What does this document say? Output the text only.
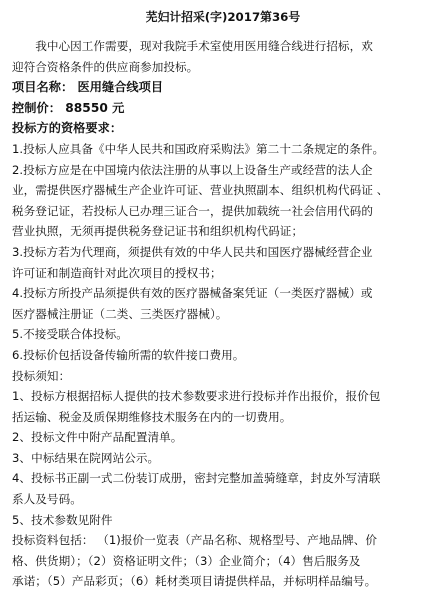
芜妇计招采(字)2017第36号

我中心因工作需要，现对我院手术室使用医用缝合线进行招标，欢

迎符合资格条件的供应商参加投标。

项目名称： 医用缝合线项目

控制价： 88550 元

投标方的资格要求：

1.投标人应具备《中华人民共和国政府采购法》第二十二条规定的条件。

2.投标方应是在中国境内依法注册的从事以上设备生产或经营的法人企

业，需提供医疗器械生产企业许可证、营业执照副本、组织机构代码证 、

税务登记证，若投标人已办理三证合一，提供加载统一社会信用代码的

营业执照，无须再提供税务登记证书和组织机构代码证；

3.投标方若为代理商，须提供有效的中华人民共和国医疗器械经营企业

许可证和制造商针对此次项目的授权书；

4.投标方所投产品须提供有效的医疗器械备案凭证（一类医疗器械）或

医疗器械注册证（二类、三类医疗器械）。

5.不接受联合体投标。

6.投标价包括设备传输所需的软件接口费用。

投标须知：

1、投标方根据招标人提供的技术参数要求进行投标并作出报价，报价包

括运输、税金及质保期维修技术服务在内的一切费用。

2、投标文件中附产品配置清单。

3、中标结果在院网站公示。

4、投标书正副一式二份装订成册，密封完整加盖骑缝章，封皮外写清联

系人及号码。

5、技术参数见附件

投标资料包括： （1)报价一览表（产品名称、规格型号、产地品牌、价

格、供货期）；（2）资格证明文件；（3）企业简介；（4）售后服务及

承诺；（5）产品彩页；（6）耗材类项目请提供样品，并标明样品编号。
